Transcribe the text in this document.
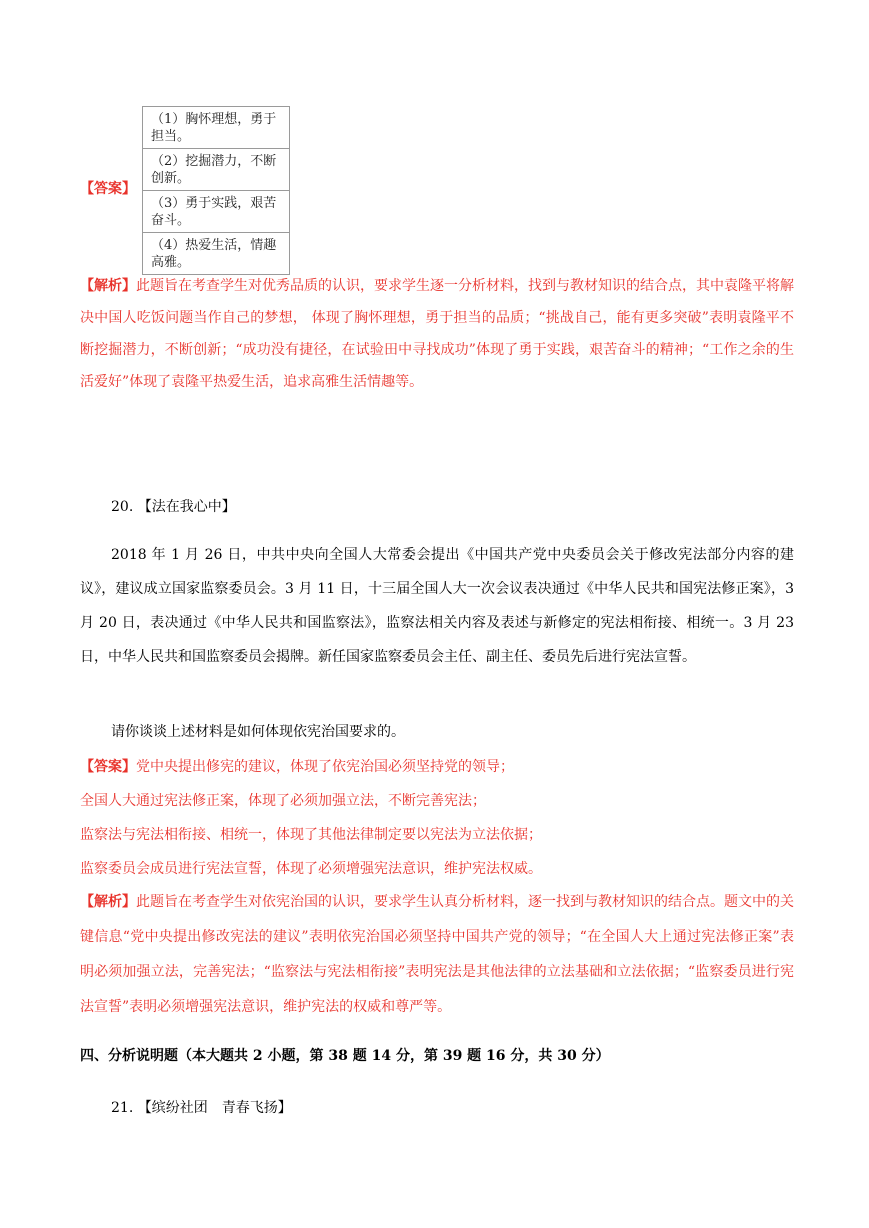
【答案】
（1）胸怀理想，勇于担当。
（2）挖掘潜力，不断创新。
（3）勇于实践，艰苦奋斗。
（4）热爱生活，情趣高雅。

【解析】此题旨在考查学生对优秀品质的认识，要求学生逐一分析材料，找到与教材知识的结合点，其中袁隆平将解决中国人吃饭问题当作自己的梦想， 体现了胸怀理想，勇于担当的品质；“挑战自己，能有更多突破”表明袁隆平不断挖掘潜力，不断创新；“成功没有捷径，在试验田中寻找成功”体现了勇于实践，艰苦奋斗的精神；“工作之余的生活爱好”体现了袁隆平热爱生活，追求高雅生活情趣等。

20. 【法在我心中】

2018 年 1 月 26 日，中共中央向全国人大常委会提出《中国共产党中央委员会关于修改宪法部分内容的建议》，建议成立国家监察委员会。3 月 11 日，十三届全国人大一次会议表决通过《中华人民共和国宪法修正案》，3 月 20 日，表决通过《中华人民共和国监察法》，监察法相关内容及表述与新修定的宪法相衔接、相统一。3 月 23 日，中华人民共和国监察委员会揭牌。新任国家监察委员会主任、副主任、委员先后进行宪法宣誓。

请你谈谈上述材料是如何体现依宪治国要求的。

【答案】党中央提出修宪的建议，体现了依宪治国必须坚持党的领导；
全国人大通过宪法修正案，体现了必须加强立法，不断完善宪法；
监察法与宪法相衔接、相统一，体现了其他法律制定要以宪法为立法依据；
监察委员会成员进行宪法宣誓，体现了必须增强宪法意识，维护宪法权威。

【解析】此题旨在考查学生对依宪治国的认识，要求学生认真分析材料，逐一找到与教材知识的结合点。题文中的关键信息“党中央提出修改宪法的建议”表明依宪治国必须坚持中国共产党的领导；“在全国人大上通过宪法修正案”表明必须加强立法，完善宪法；“监察法与宪法相衔接”表明宪法是其他法律的立法基础和立法依据；“监察委员进行宪法宣誓”表明必须增强宪法意识，维护宪法的权威和尊严等。

四、分析说明题（本大题共 2 小题，第 38 题 14 分，第 39 题 16 分，共 30 分）

21. 【缤纷社团　青春飞扬】
